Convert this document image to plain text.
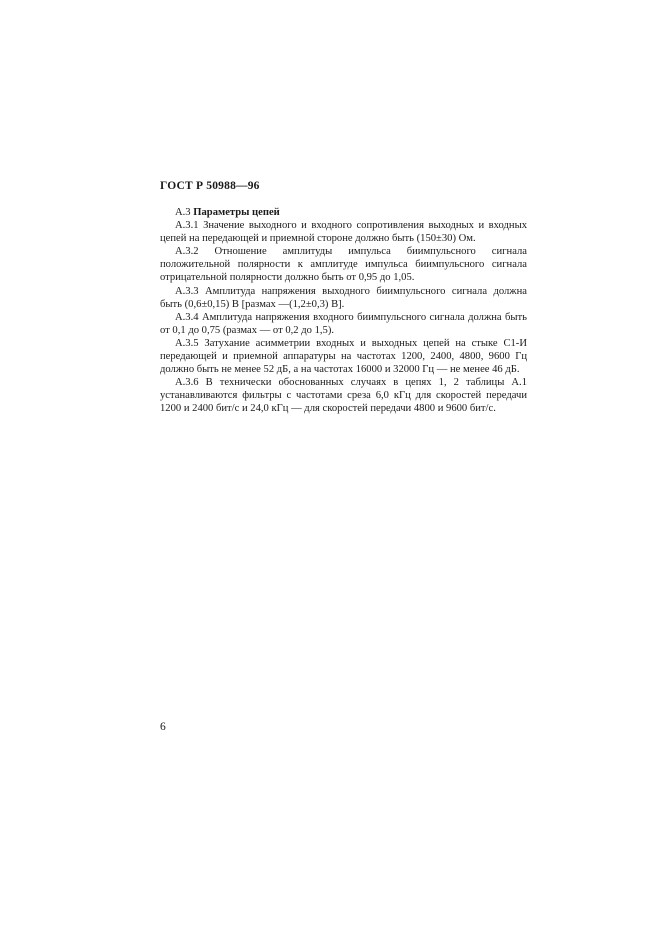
ГОСТ Р 50988—96

А.3 Параметры цепей

А.3.1 Значение выходного и входного сопротивления выходных и входных цепей на передающей и приемной стороне должно быть (150±30) Ом.

А.3.2 Отношение амплитуды импульса биимпульсного сигнала положительной полярности к амплитуде импульса биимпульсного сигнала отрицательной полярности должно быть от 0,95 до 1,05.

А.3.3 Амплитуда напряжения выходного биимпульсного сигнала должна быть (0,6±0,15) В [размах —(1,2±0,3) В].

А.3.4 Амплитуда напряжения входного биимпульсного сигнала должна быть от 0,1 до 0,75 (размах — от 0,2 до 1,5).

А.3.5 Затухание асимметрии входных и выходных цепей на стыке С1-И передающей и приемной аппаратуры на частотах 1200, 2400, 4800, 9600 Гц должно быть не менее 52 дБ, а на частотах 16000 и 32000 Гц — не менее 46 дБ.

А.3.6 В технически обоснованных случаях в цепях 1, 2 таблицы А.1 устанавливаются фильтры с частотами среза 6,0 кГц для скоростей передачи 1200 и 2400 бит/с и 24,0 кГц — для скоростей передачи 4800 и 9600 бит/с.

6
